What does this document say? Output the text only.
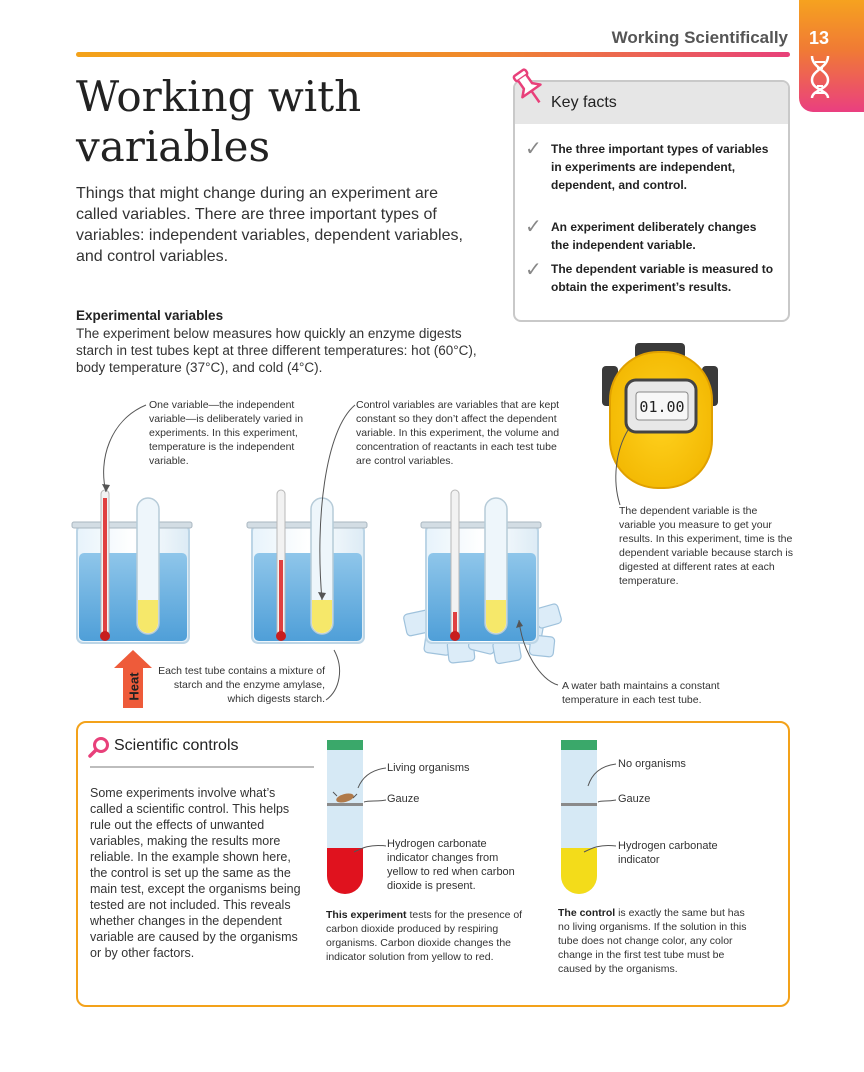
Working Scientifically 13
Working with variables

Things that might change during an experiment are called variables. There are three important types of variables: independent variables, dependent variables, and control variables.

Key facts
✓ The three important types of variables in experiments are independent, dependent, and control.
✓ An experiment deliberately changes the independent variable.
✓ The dependent variable is measured to obtain the experiment’s results.
Experimental variables

The experiment below measures how quickly an enzyme digests starch in test tubes kept at three different temperatures: hot (60°C), body temperature (37°C), and cold (4°C).

01.00
Heat

One variable—the independent variable—is deliberately varied in experiments. In this experiment, temperature is the independent variable.

Control variables are variables that are kept constant so they don’t affect the dependent variable. In this experiment, the volume and concentration of reactants in each test tube are control variables.

The dependent variable is the variable you measure to get your results. In this experiment, time is the dependent variable because starch is digested at different rates at each temperature.

Each test tube contains a mixture of starch and the enzyme amylase, which digests starch.

A water bath maintains a constant temperature in each test tube.

Scientific controls

Some experiments involve what’s called a scientific control. This helps rule out the effects of unwanted variables, making the results more reliable. In the example shown here, the control is set up the same as the main test, except the organisms being tested are not included. This reveals whether changes in the dependent variable are caused by the organisms or by other factors.

Living organisms
Gauze
Hydrogen carbonate indicator changes from yellow to red when carbon dioxide is present.
No organisms
Gauze
Hydrogen carbonate indicator

This experiment tests for the presence of carbon dioxide produced by respiring organisms. Carbon dioxide changes the indicator solution from yellow to red.

The control is exactly the same but has no living organisms. If the solution in this tube does not change color, any color change in the first test tube must be caused by the organisms.
